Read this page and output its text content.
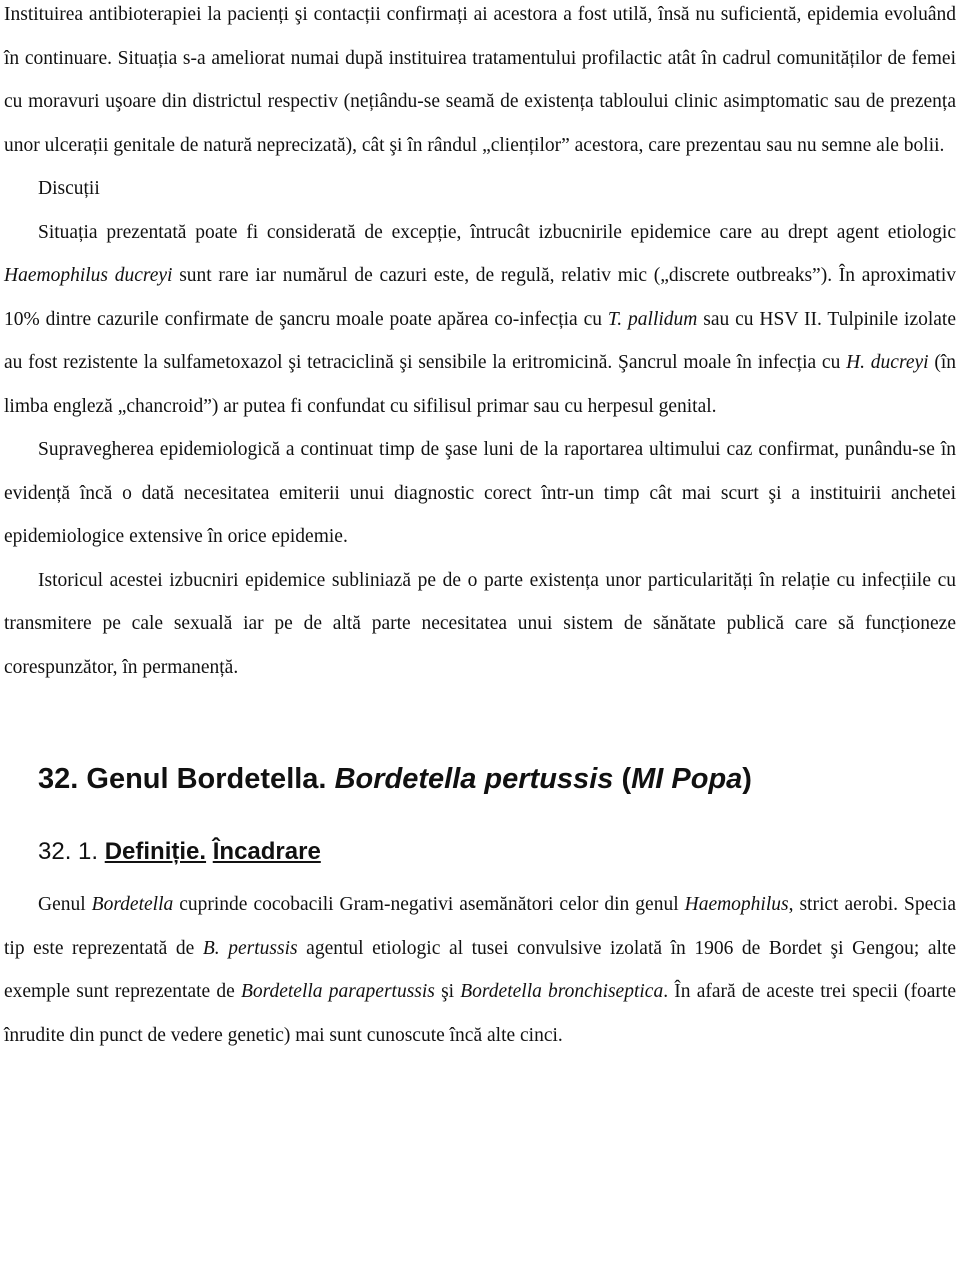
Instituirea antibioterapiei la pacienți şi contacții confirmați ai acestora a fost utilă, însă nu suficientă, epidemia evoluând în continuare. Situația s-a ameliorat numai după instituirea tratamentului profilactic atât în cadrul comunităților de femei cu moravuri uşoare din districtul respectiv (nețiându-se seamă de existența tabloului clinic asimptomatic sau de prezența unor ulcerații genitale de natură neprecizată), cât şi în rândul „clienților” acestora, care prezentau sau nu semne ale bolii.

Discuții

Situația prezentată poate fi considerată de excepție, întrucât izbucnirile epidemice care au drept agent etiologic Haemophilus ducreyi sunt rare iar numărul de cazuri este, de regulă, relativ mic („discrete outbreaks”). În aproximativ 10% dintre cazurile confirmate de şancru moale poate apărea co-infecția cu T. pallidum sau cu HSV II. Tulpinile izolate au fost rezistente la sulfametoxazol şi tetraciclină şi sensibile la eritromicină. Şancrul moale în infecția cu H. ducreyi (în limba engleză „chancroid”) ar putea fi confundat cu sifilisul primar sau cu herpesul genital.

Supravegherea epidemiologică a continuat timp de şase luni de la raportarea ultimului caz confirmat, punându-se în evidență încă o dată necesitatea emiterii unui diagnostic corect într-un timp cât mai scurt şi a instituirii anchetei epidemiologice extensive în orice epidemie.

Istoricul acestei izbucniri epidemice subliniază pe de o parte existența unor particularități în relație cu infecțiile cu transmitere pe cale sexuală iar pe de altă parte necesitatea unui sistem de sănătate publică care să funcționeze corespunzător, în permanență.

32. Genul Bordetella. Bordetella pertussis (MI Popa)
32. 1. Definiție. Încadrare

Genul Bordetella cuprinde cocobacili Gram-negativi asemănători celor din genul Haemophilus, strict aerobi. Specia tip este reprezentată de B. pertussis agentul etiologic al tusei convulsive izolată în 1906 de Bordet şi Gengou; alte exemple sunt reprezentate de Bordetella parapertussis şi Bordetella bronchiseptica. În afară de aceste trei specii (foarte înrudite din punct de vedere genetic) mai sunt cunoscute încă alte cinci.
